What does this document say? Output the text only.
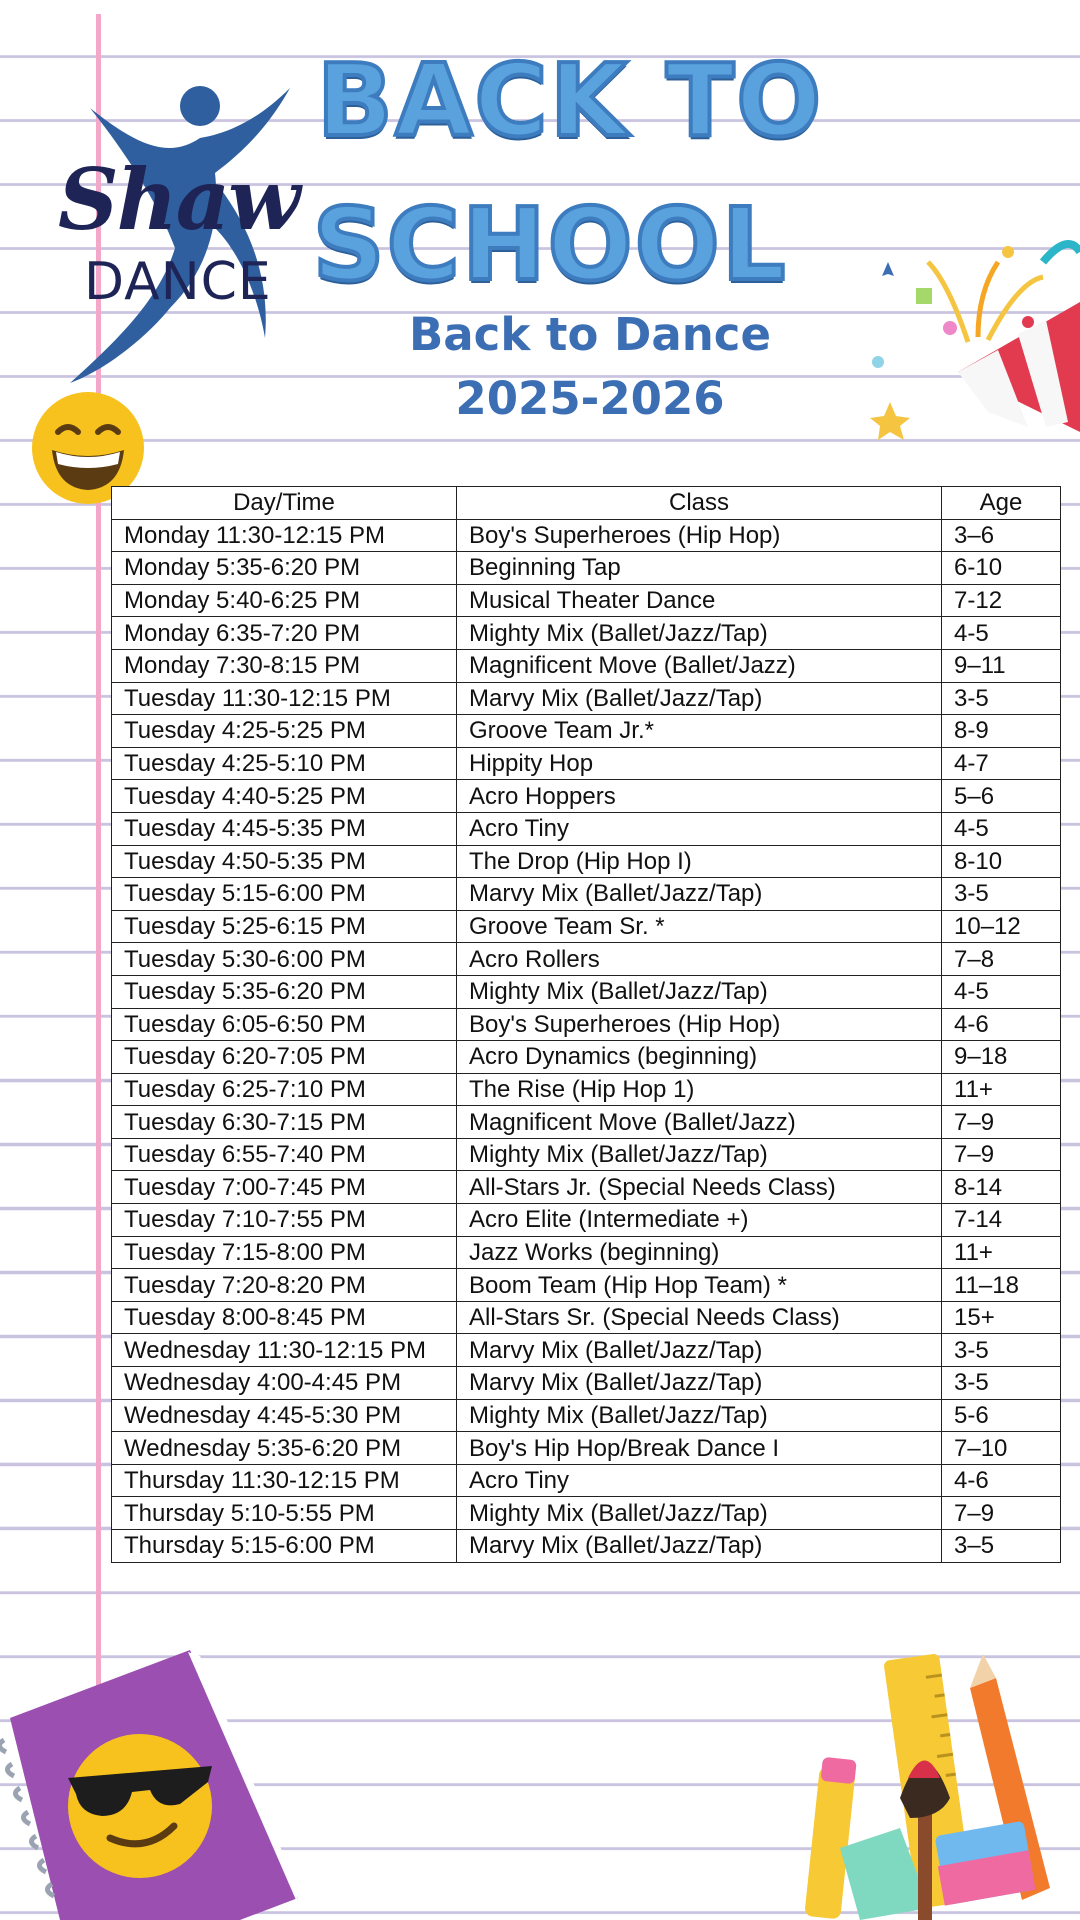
Shaw
DANCE
BACK TO
SCHOOL
Back to Dance
2025-2026
Day/Time	Class	Age
Monday 11:30-12:15 PM	Boy's Superheroes (Hip Hop)	3–6
Monday 5:35-6:20 PM	Beginning Tap	6-10
Monday 5:40-6:25 PM	Musical Theater Dance	7-12
Monday 6:35-7:20 PM	Mighty Mix (Ballet/Jazz/Tap)	4-5
Monday 7:30-8:15 PM	Magnificent Move (Ballet/Jazz)	9–11
Tuesday 11:30-12:15 PM	Marvy Mix (Ballet/Jazz/Tap)	3-5
Tuesday 4:25-5:25 PM	Groove Team Jr.*	8-9
Tuesday 4:25-5:10 PM	Hippity Hop	4-7
Tuesday 4:40-5:25 PM	Acro Hoppers	5–6
Tuesday 4:45-5:35 PM	Acro Tiny	4-5
Tuesday 4:50-5:35 PM	The Drop (Hip Hop I)	8-10
Tuesday 5:15-6:00 PM	Marvy Mix (Ballet/Jazz/Tap)	3-5
Tuesday 5:25-6:15 PM	Groove Team Sr. *	10–12
Tuesday 5:30-6:00 PM	Acro Rollers	7–8
Tuesday 5:35-6:20 PM	Mighty Mix (Ballet/Jazz/Tap)	4-5
Tuesday 6:05-6:50 PM	Boy's Superheroes (Hip Hop)	4-6
Tuesday 6:20-7:05 PM	Acro Dynamics (beginning)	9–18
Tuesday 6:25-7:10 PM	The Rise (Hip Hop 1)	11+
Tuesday 6:30-7:15 PM	Magnificent Move (Ballet/Jazz)	7–9
Tuesday 6:55-7:40 PM	Mighty Mix (Ballet/Jazz/Tap)	7–9
Tuesday 7:00-7:45 PM	All-Stars Jr. (Special Needs Class)	8-14
Tuesday 7:10-7:55 PM	Acro Elite (Intermediate +)	7-14
Tuesday 7:15-8:00 PM	Jazz Works (beginning)	11+
Tuesday 7:20-8:20 PM	Boom Team (Hip Hop Team) *	11–18
Tuesday 8:00-8:45 PM	All-Stars Sr. (Special Needs Class)	15+
Wednesday 11:30-12:15 PM	Marvy Mix (Ballet/Jazz/Tap)	3-5
Wednesday 4:00-4:45 PM	Marvy Mix (Ballet/Jazz/Tap)	3-5
Wednesday 4:45-5:30 PM	Mighty Mix (Ballet/Jazz/Tap)	5-6
Wednesday 5:35-6:20 PM	Boy's Hip Hop/Break Dance I	7–10
Thursday 11:30-12:15 PM	Acro Tiny	4-6
Thursday 5:10-5:55 PM	Mighty Mix (Ballet/Jazz/Tap)	7–9
Thursday 5:15-6:00 PM	Marvy Mix (Ballet/Jazz/Tap)	3–5
